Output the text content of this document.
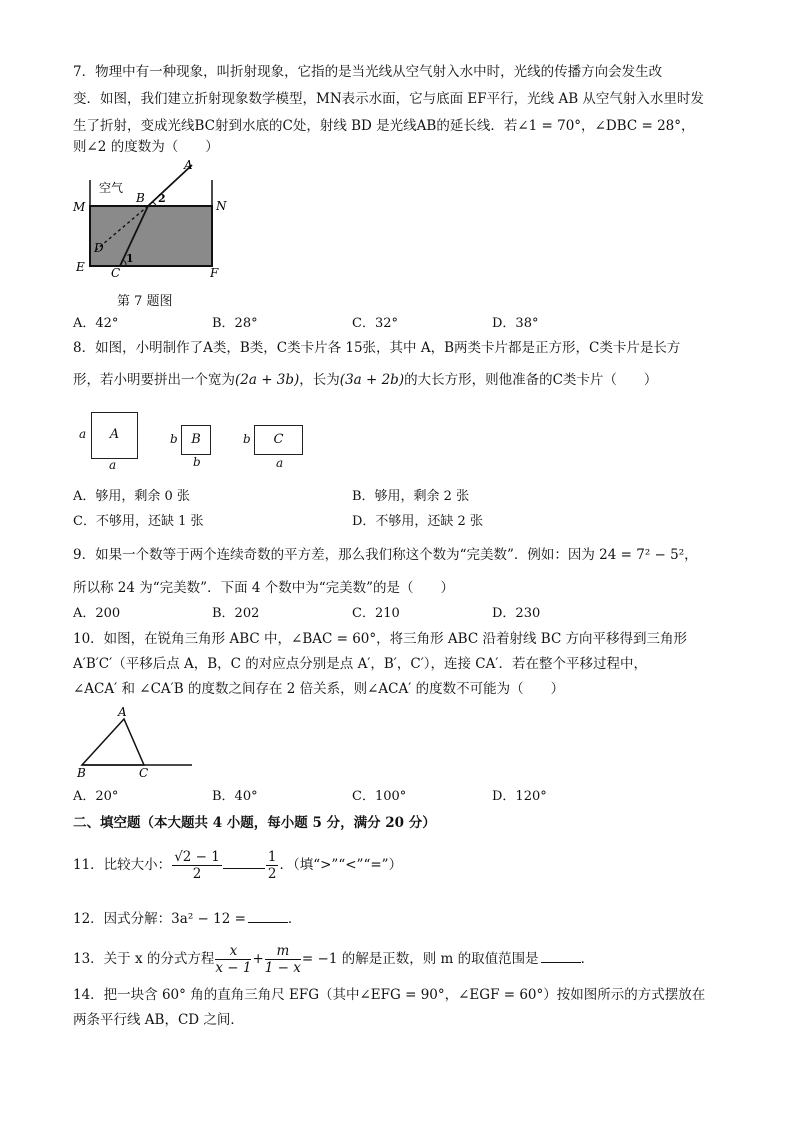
7．物理中有一种现象，叫折射现象，它指的是当光线从空气射入水中时，光线的传播方向会发生改
变．如图，我们建立折射现象数学模型，MN表示水面，它与底面 EF平行，光线 AB 从空气射入水里时发
生了折射，变成光线BC射到水底的C处，射线 BD 是光线AB的延长线．若∠1 = 70°，∠DBC = 28°，
则∠2 的度数为（　　）
空气
A
B 2
M	N
D
E
1
C	F
第 7 题图
A．42°	B．28°	C．32°	D．38°
8．如图，小明制作了A类，B类，C类卡片各 15张，其中 A，B两类卡片都是正方形，C类卡片是长方
形，若小明要拼出一个宽为(2a + 3b)，长为(3a + 2b)的大长方形，则他准备的C类卡片（　　）
a	A
a
b	B
b
b	C
a
A．够用，剩余 0 张	B．够用，剩余 2 张
C．不够用，还缺 1 张	D．不够用，还缺 2 张
9．如果一个数等于两个连续奇数的平方差，那么我们称这个数为“完美数”．例如：因为 24 = 7² − 5²，
所以称 24 为“完美数”．下面 4 个数中为“完美数”的是（　　）
A．200	B．202	C．210	D．230
10．如图，在锐角三角形 ABC 中，∠BAC = 60°，将三角形 ABC 沿着射线 BC 方向平移得到三角形
A′B′C′（平移后点 A，B，C 的对应点分别是点 A′，B′，C′），连接 CA′．若在整个平移过程中，
∠ACA′ 和 ∠CA′B 的度数之间存在 2 倍关系，则∠ACA′ 的度数不可能为（　　）
A
B	C
A．20°	B．40°	C．100°	D．120°
二、填空题（本大题共 4 小题，每小题 5 分，满分 20 分）
11．比较大小： $\frac{√2 - 1}{2}$	$\frac{1}{2}$ ．（填“>”“<”“=”）
12．因式分解：3a² − 12 =	．
13．关于 x 的分式方程 $\frac{x}{x - 1} + \frac{m}{1 - x} = -1$ 的解是正数，则 m 的取值范围是	．
14．把一块含 60° 角的直角三角尺 EFG（其中∠EFG = 90°，∠EGF = 60°）按如图所示的方式摆放在
两条平行线 AB，CD 之间．
